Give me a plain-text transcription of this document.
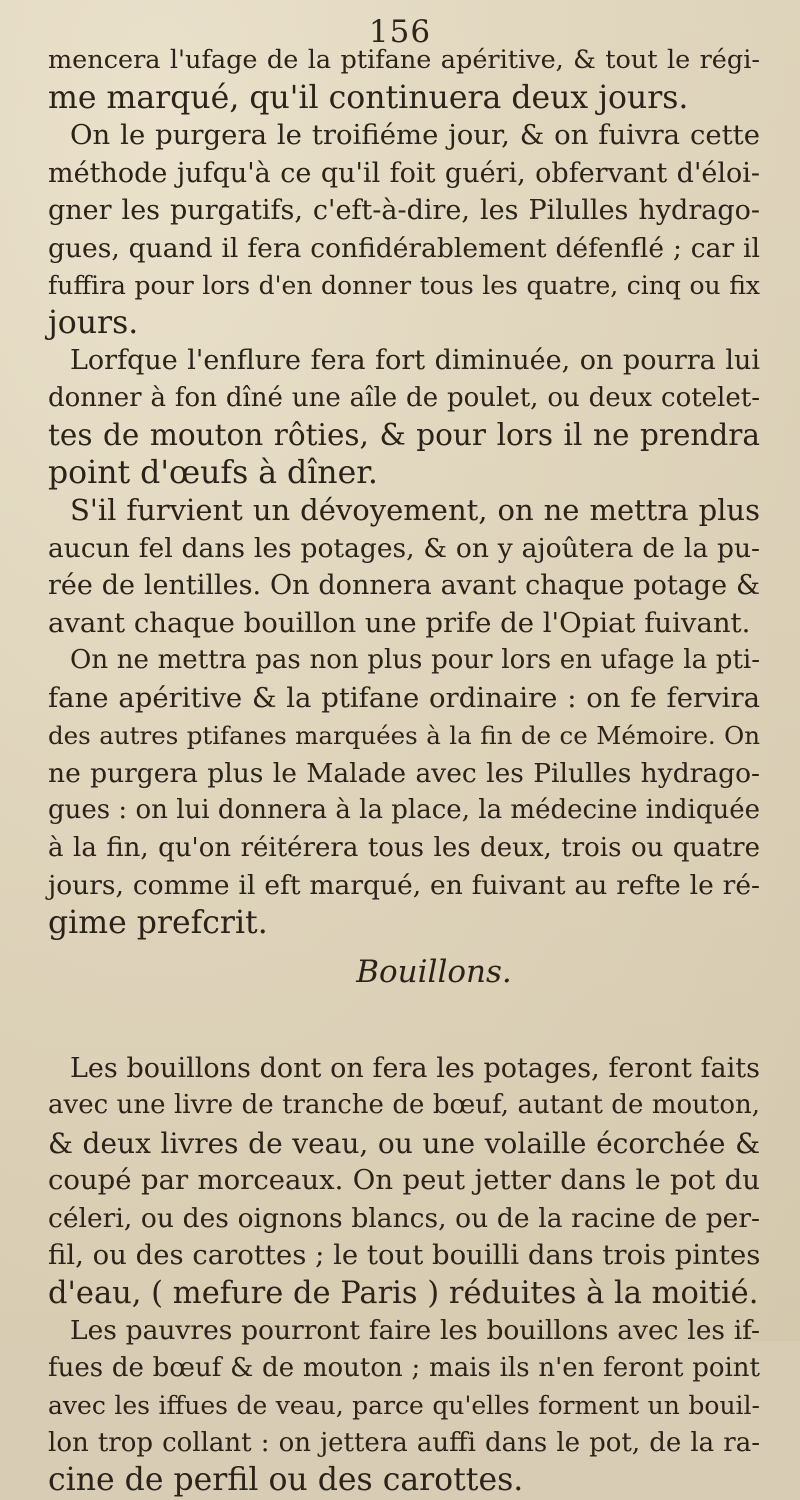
156
mencera l'ufage de la ptifane apéritive, & tout le régi-
me marqué, qu'il continuera deux jours.
On le purgera le troifiéme jour, & on fuivra cette
méthode jufqu'à ce qu'il foit guéri, obfervant d'éloi-
gner les purgatifs, c'eft-à-dire, les Pilulles hydrago-
gues, quand il fera confidérablement défenflé ; car il
fuffira pour lors d'en donner tous les quatre, cinq ou fix
jours.
Lorfque l'enflure fera fort diminuée, on pourra lui
donner à fon dîné une aîle de poulet, ou deux cotelet-
tes de mouton rôties, & pour lors il ne prendra
point d'œufs à dîner.
S'il furvient un dévoyement, on ne mettra plus
aucun fel dans les potages, & on y ajoûtera de la pu-
rée de lentilles. On donnera avant chaque potage &
avant chaque bouillon une prife de l'Opiat fuivant.
On ne mettra pas non plus pour lors en ufage la pti-
fane apéritive & la ptifane ordinaire : on fe fervira
des autres ptifanes marquées à la fin de ce Mémoire. On
ne purgera plus le Malade avec les Pilulles hydrago-
gues : on lui donnera à la place, la médecine indiquée
à la fin, qu'on réitérera tous les deux, trois ou quatre
jours, comme il eft marqué, en fuivant au refte le ré-
gime prefcrit.
Bouillons.
Les bouillons dont on fera les potages, feront faits
avec une livre de tranche de bœuf, autant de mouton,
& deux livres de veau, ou une volaille écorchée &
coupé par morceaux. On peut jetter dans le pot du
céleri, ou des oignons blancs, ou de la racine de per-
fil, ou des carottes ; le tout bouilli dans trois pintes
d'eau, ( mefure de Paris ) réduites à la moitié.
Les pauvres pourront faire les bouillons avec les if-
fues de bœuf & de mouton ; mais ils n'en feront point
avec les iffues de veau, parce qu'elles forment un bouil-
lon trop collant : on jettera auffi dans le pot, de la ra-
cine de perfil ou des carottes.
